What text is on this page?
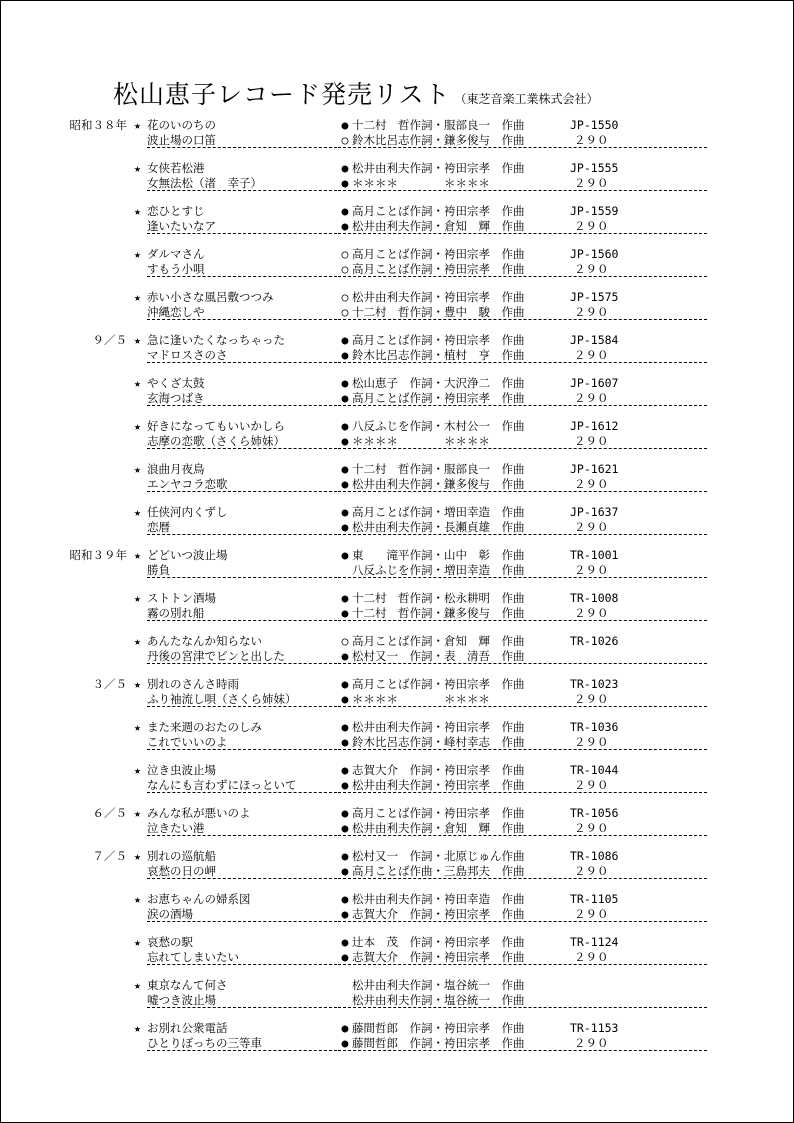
松山恵子レコード発売リスト （東芝音楽工業株式会社）
昭和３８年 ★ 花のいのちの	● 十二村　哲作詞・服部良一　作曲	JP-1550
波止場の口笛	○ 鈴木比呂志作詞・鎌多俊与　作曲	２９０
★ 女侠若松港	● 松井由利夫作詞・袴田宗孝　作曲	JP-1555
女無法松（渚　幸子）	● ＊＊＊＊　　　　＊＊＊＊　　　	２９０
★ 恋ひとすじ	● 高月ことば作詞・袴田宗孝　作曲	JP-1559
逢いたいなア	● 松井由利夫作詞・倉知　輝　作曲	２９０
★ ダルマさん	○ 高月ことば作詞・袴田宗孝　作曲	JP-1560
すもう小唄	○ 高月ことば作詞・袴田宗孝　作曲	２９０
★ 赤い小さな風呂敷つつみ	○ 松井由利夫作詞・袴田宗孝　作曲	JP-1575
沖縄恋しや	○ 十二村　哲作詞・豊中　駿　作曲	２９０
９／５ ★ 急に逢いたくなっちゃった	● 高月ことば作詞・袴田宗孝　作曲	JP-1584
マドロスさのさ	● 鈴木比呂志作詞・植村　亨　作曲	２９０
★ やくざ太鼓	● 松山恵子　作詞・大沢浄二　作曲	JP-1607
玄海つばき	● 高月ことば作詞・袴田宗孝　作曲	２９０
★ 好きになってもいいかしら	● 八反ふじを作詞・木村公一　作曲	JP-1612
志摩の恋歌（さくら姉妹）	● ＊＊＊＊　　　　＊＊＊＊　　　	２９０
★ 浪曲月夜鳥	● 十二村　哲作詞・服部良一　作曲	JP-1621
エンヤコラ恋歌	● 松井由利夫作詞・鎌多俊与　作曲	２９０
★ 任侠河内くずし	● 高月ことば作詞・増田幸造　作曲	JP-1637
恋暦	● 松井由利夫作詞・長瀬貞雄　作曲	２９０
昭和３９年 ★ どどいつ波止場	● 東　　滝平作詞・山中　彰　作曲	TR-1001
勝負	八反ふじを作詞・増田幸造　作曲	２９０
★ ストトン酒場	● 十二村　哲作詞・松永耕明　作曲	TR-1008
霧の別れ船	● 十二村　哲作詞・鎌多俊与　作曲	２９０
★ あんたなんか知らない	○ 高月ことば作詞・倉知　輝　作曲	TR-1026
丹後の宮津でピンと出した	● 松村又一　作詞・表　清吾　作曲
３／５ ★ 別れのさんさ時雨	● 高月ことば作詞・袴田宗孝　作曲	TR-1023
ふり袖流し唄（さくら姉妹）	● ＊＊＊＊　　　　＊＊＊＊　　　	２９０
★ また来週のおたのしみ	● 松井由利夫作詞・袴田宗孝　作曲	TR-1036
これでいいのよ	● 鈴木比呂志作詞・峰村幸志　作曲	２９０
★ 泣き虫波止場	● 志賀大介　作詞・袴田宗孝　作曲	TR-1044
なんにも言わずにほっといて	● 松井由利夫作詞・袴田宗孝　作曲	２９０
６／５ ★ みんな私が悪いのよ	● 高月ことば作詞・袴田宗孝　作曲	TR-1056
泣きたい港	● 松井由利夫作詞・倉知　輝　作曲	２９０
７／５ ★ 別れの巡航船	● 松村又一　作詞・北原じゅん作曲	TR-1086
哀愁の日の岬	● 高月ことば作曲・三島邦夫　作曲	２９０
★ お恵ちゃんの婦系図	● 松井由利夫作詞・袴田幸造　作曲	TR-1105
涙の酒場	● 志賀大介　作詞・袴田宗孝　作曲	２９０
★ 哀愁の駅	● 辻本　茂　作詞・袴田宗孝　作曲	TR-1124
忘れてしまいたい	● 志賀大介　作詞・袴田宗孝　作曲	２９０
★ 東京なんて何さ	松井由利夫作詞・塩谷統一　作曲
嘘つき波止場	松井由利夫作詞・塩谷統一　作曲
★ お別れ公衆電話	● 藤間哲郎　作詞・袴田宗孝　作曲	TR-1153
ひとりぼっちの三等車	● 藤間哲郎　作詞・袴田宗孝　作曲	２９０
